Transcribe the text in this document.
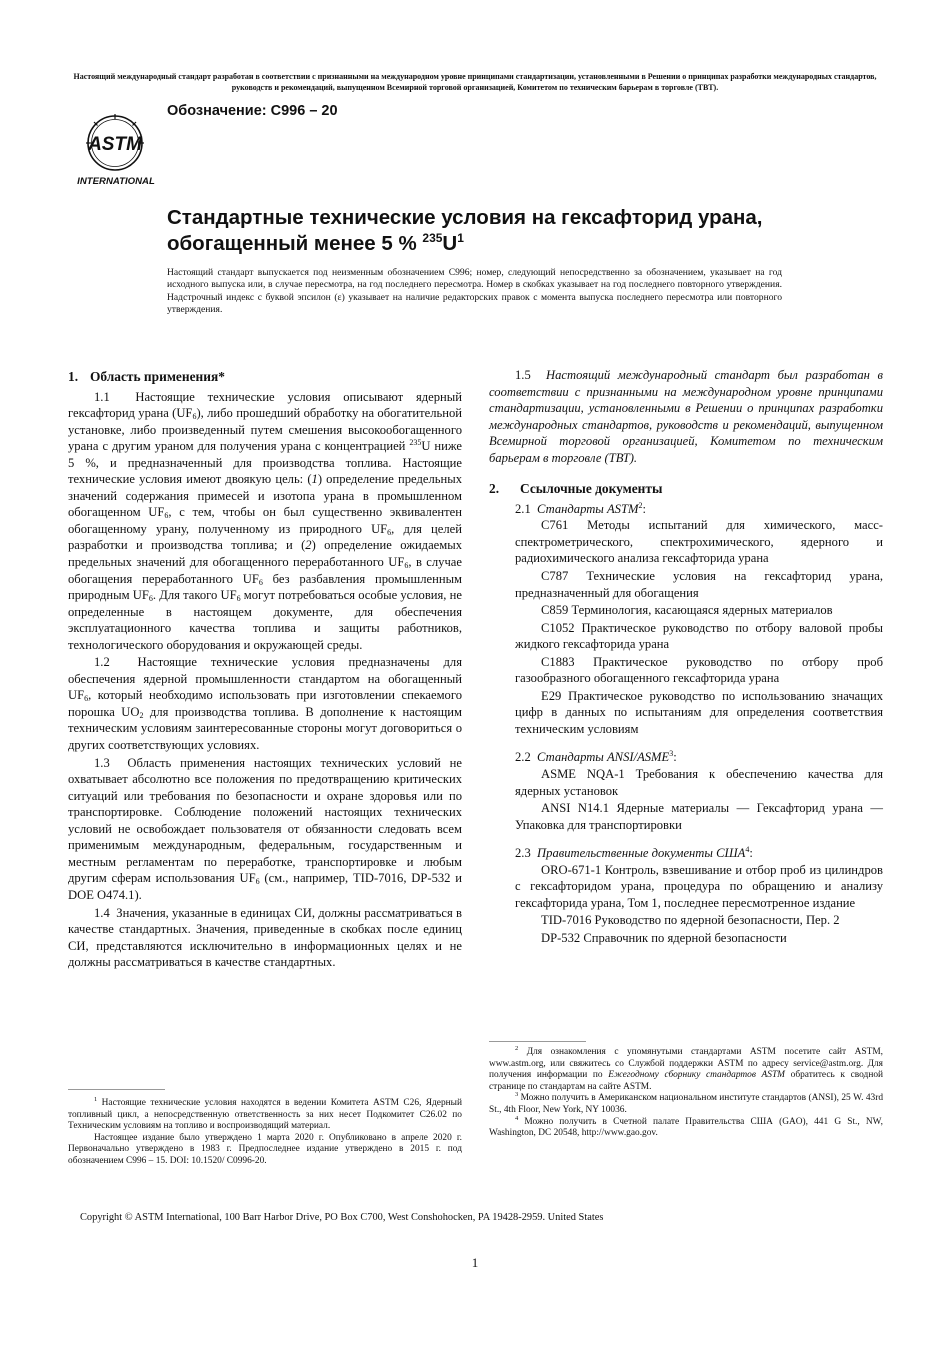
Настоящий международный стандарт разработан в соответствии с признанными на международном уровне принципами стандартизации, установленными в Решении о принципах разработки международных стандартов, руководств и рекомендаций, выпущенном Всемирной торговой организацией, Комитетом по техническим барьерам в торговле (ТВТ).
Обозначение: C996 – 20
ASTM
INTERNATIONAL
Стандартные технические условия на гексафторид урана, обогащенный менее 5 % $^{235}U^1$
Настоящий стандарт выпускается под неизменным обозначением C996; номер, следующий непосредственно за обозначением, указывает на год исходного выпуска или, в случае пересмотра, на год последнего пересмотра. Номер в скобках указывает на год последнего повторного утверждения. Надстрочный индекс с буквой эпсилон (ε) указывает на наличие редакторских правок с момента выпуска последнего пересмотра или повторного утверждения.
1. Область применения*

1.1 Настоящие технические условия описывают ядерный гексафторид урана $(UF_6)$, либо прошедший обработку на обогатительной установке, либо произведенный путем смешения высокообогащенного урана с другим ураном для получения урана с концентрацией $^{235}$U ниже 5 %, и предназначенный для производства топлива. Настоящие технические условия имеют двоякую цель: (1) определение предельных значений содержания примесей и изотопа урана в промышленном обогащенном $UF_6$, с тем, чтобы он был существенно эквивалентен обогащенному урану, полученному из природного $UF_6$, для целей разработки и производства топлива; и (2) определение ожидаемых предельных значений для обогащенного переработанного $UF_6$, в случае обогащения переработанного $UF_6$ без разбавления промышленным природным $UF_6$. Для такого $UF_6$ могут потребоваться особые условия, не определенные в настоящем документе, для обеспечения эксплуатационного качества топлива и защиты работников, технологического оборудования и окружающей среды.

1.2 Настоящие технические условия предназначены для обеспечения ядерной промышленности стандартом на обогащенный $UF_6$, который необходимо использовать при изготовлении спекаемого порошка $UO_2$ для производства топлива. В дополнение к настоящим техническим условиям заинтересованные стороны могут договориться о других соответствующих условиях.

1.3 Область применения настоящих технических условий не охватывает абсолютно все положения по предотвращению критических ситуаций или требования по безопасности и охране здоровья или по транспортировке. Соблюдение положений настоящих технических условий не освобождает пользователя от обязанности следовать всем применимым международным, федеральным, государственным и местным регламентам по переработке, транспортировке и любым другим сферам использования $UF_6$ (см., например, TID-7016, DP-532 и DOE O474.1).

1.4 Значения, указанные в единицах СИ, должны рассматриваться в качестве стандартных. Значения, приведенные в скобках после единиц СИ, представляются исключительно в информационных целях и не должны рассматриваться в качестве стандартных.

1.5 Настоящий международный стандарт был разработан в соответствии с признанными на международном уровне принципами стандартизации, установленными в Решении о принципах разработки международных стандартов, руководств и рекомендаций, выпущенном Всемирной торговой организацией, Комитетом по техническим барьерам в торговле (ТВТ).

2. Ссылочные документы
2.1 Стандарты ASTM$^2$:

C761 Методы испытаний для химического, масс-спектрометрического, спектрохимического, ядерного и радиохимического анализа гексафторида урана

C787 Технические условия на гексафторид урана, предназначенный для обогащения

C859 Терминология, касающаяся ядерных материалов

C1052 Практическое руководство по отбору валовой пробы жидкого гексафторида урана

C1883 Практическое руководство по отбору проб газообразного обогащенного гексафторида урана

E29 Практическое руководство по использованию значащих цифр в данных по испытаниям для определения соответствия техническим условиям

2.2 Стандарты ANSI/ASME$^3$:

ASME NQA-1 Требования к обеспечению качества для ядерных установок

ANSI N14.1 Ядерные материалы — Гексафторид урана — Упаковка для транспортировки

2.3 Правительственные документы США$^4$:

ORO-671-1 Контроль, взвешивание и отбор проб из цилиндров с гексафторидом урана, процедура по обращению и анализу гексафторида урана, Том 1, последнее пересмотренное издание

TID-7016 Руководство по ядерной безопасности, Пер. 2

DP-532 Справочник по ядерной безопасности

$^1$ Настоящие технические условия находятся в ведении Комитета ASTM C26, Ядерный топливный цикл, а непосредственную ответственность за них несет Подкомитет C26.02 по Техническим условиям на топливо и воспроизводящий материал.

Настоящее издание было утверждено 1 марта 2020 г. Опубликовано в апреле 2020 г. Первоначально утверждено в 1983 г. Предпоследнее издание утверждено в 2015 г. под обозначением C996 – 15. DOI: 10.1520/ C0996-20.

$^2$ Для ознакомления с упомянутыми стандартами ASTM посетите сайт ASTM, www.astm.org, или свяжитесь со Службой поддержки ASTM по адресу service@astm.org. Для получения информации по Ежегодному сборнику стандартов ASTM обратитесь к сводной странице по стандартам на сайте ASTM.

$^3$ Можно получить в Американском национальном институте стандартов (ANSI), 25 W. 43rd St., 4th Floor, New York, NY 10036.

$^4$ Можно получить в Счетной палате Правительства США (GAO), 441 G St., NW, Washington, DC 20548, http://www.gao.gov.

Copyright © ASTM International, 100 Barr Harbor Drive, PO Box C700, West Conshohocken, PA 19428-2959. United States
1
